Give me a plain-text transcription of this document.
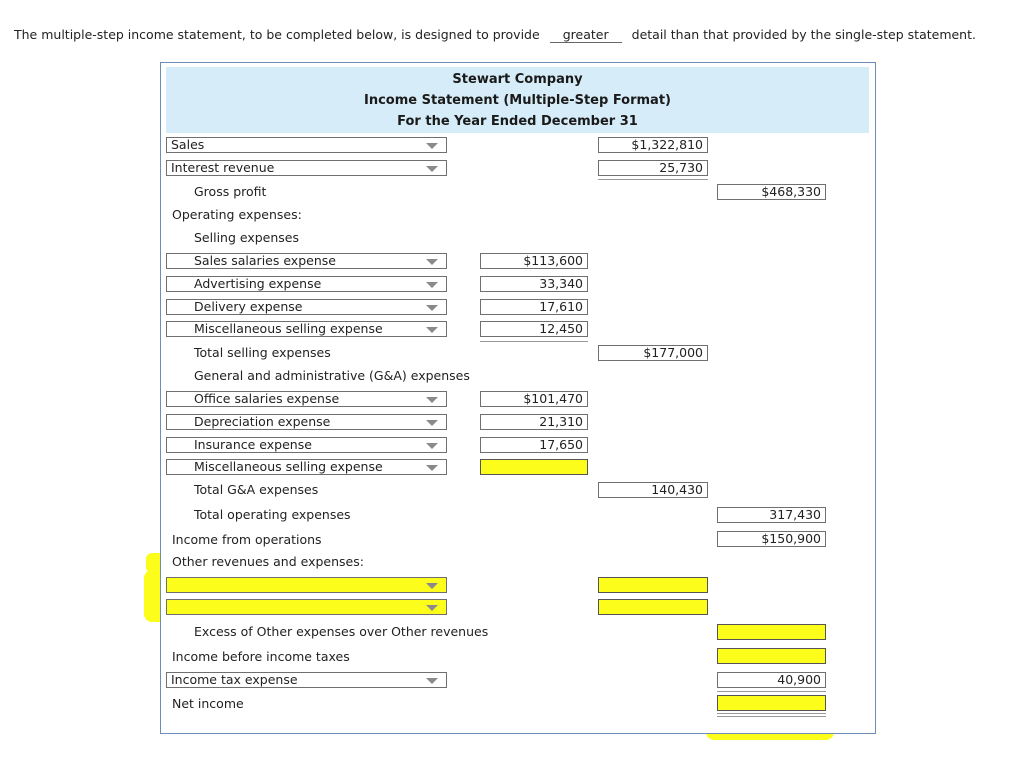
The multiple-step income statement, to be completed below, is designed to provide greater detail than that provided by the single-step statement.
Stewart Company
Income Statement (Multiple-Step Format)
For the Year Ended December 31
Sales	$1,322,810
Interest revenue	25,730
Gross profit	$468,330
Operating expenses:
Selling expenses
Sales salaries expense	$113,600
Advertising expense	33,340
Delivery expense	17,610
Miscellaneous selling expense	12,450
Total selling expenses	$177,000
General and administrative (G&A) expenses
Office salaries expense	$101,470
Depreciation expense	21,310
Insurance expense	17,650
Miscellaneous selling expense
Total G&A expenses	140,430
Total operating expenses	317,430
Income from operations	$150,900
Other revenues and expenses:
Excess of Other expenses over Other revenues
Income before income taxes
Income tax expense	40,900
Net income
